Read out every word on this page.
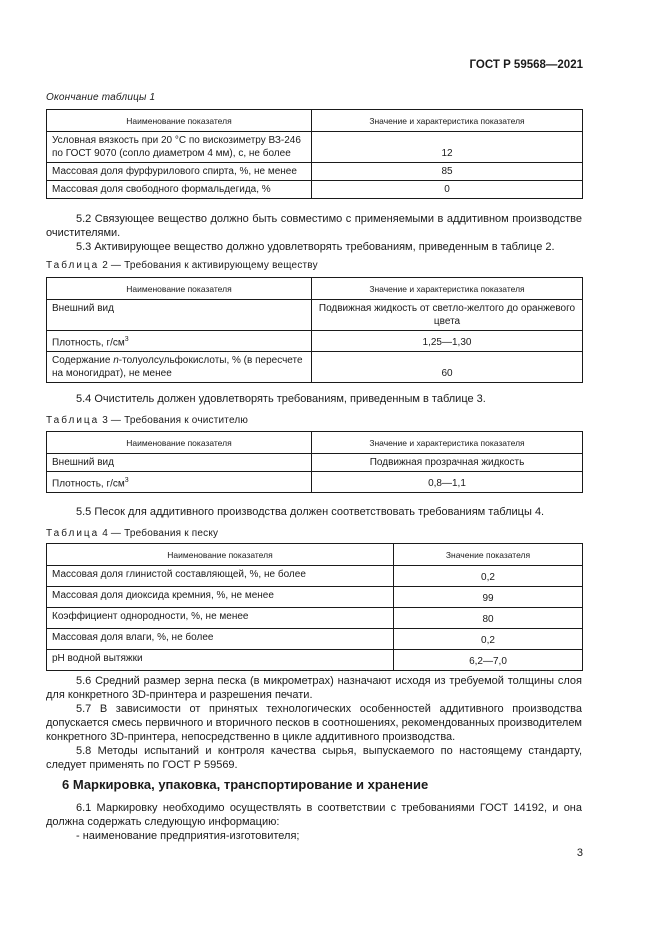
ГОСТ Р 59568—2021
Окончание таблицы 1
Наименование показателя	Значение и характеристика показателя
Условная вязкость при 20 °С по вискозиметру ВЗ-246 по ГОСТ 9070 (сопло диаметром 4 мм), с, не более	12
Массовая доля фурфурилового спирта, %, не менее	85
Массовая доля свободного формальдегида, %	0

5.2 Связующее вещество должно быть совместимо с применяемыми в аддитивном производстве очистителями.

5.3 Активирующее вещество должно удовлетворять требованиям, приведенным в таблице 2.

Таблица 2 — Требования к активирующему веществу
Наименование показателя	Значение и характеристика показателя
Внешний вид	Подвижная жидкость от светло-желтого до оранжевого цвета
Плотность, $г/см^3$	1,25—1,30
Содержание n-толуолсульфокислоты, % (в пересчете на моногидрат), не менее	60

5.4 Очиститель должен удовлетворять требованиям, приведенным в таблице 3.

Таблица 3 — Требования к очистителю
Наименование показателя	Значение и характеристика показателя
Внешний вид	Подвижная прозрачная жидкость
Плотность, $г/см^3$	0,8—1,1

5.5 Песок для аддитивного производства должен соответствовать требованиям таблицы 4.

Таблица 4 — Требования к песку
Наименование показателя	Значение показателя
Массовая доля глинистой составляющей, %, не более	0,2
Массовая доля диоксида кремния, %, не менее	99
Коэффициент однородности, %, не менее	80
Массовая доля влаги, %, не более	0,2
pH водной вытяжки	6,2—7,0

5.6 Средний размер зерна песка (в микрометрах) назначают исходя из требуемой толщины слоя для конкретного 3D-принтера и разрешения печати.

5.7 В зависимости от принятых технологических особенностей аддитивного производства допускается смесь первичного и вторичного песков в соотношениях, рекомендованных производителем конкретного 3D-принтера, непосредственно в цикле аддитивного производства.

5.8 Методы испытаний и контроля качества сырья, выпускаемого по настоящему стандарту, следует применять по ГОСТ Р 59569.

6 Маркировка, упаковка, транспортирование и хранение

6.1 Маркировку необходимо осуществлять в соответствии с требованиями ГОСТ 14192, и она должна содержать следующую информацию:

- наименование предприятия-изготовителя;

3
